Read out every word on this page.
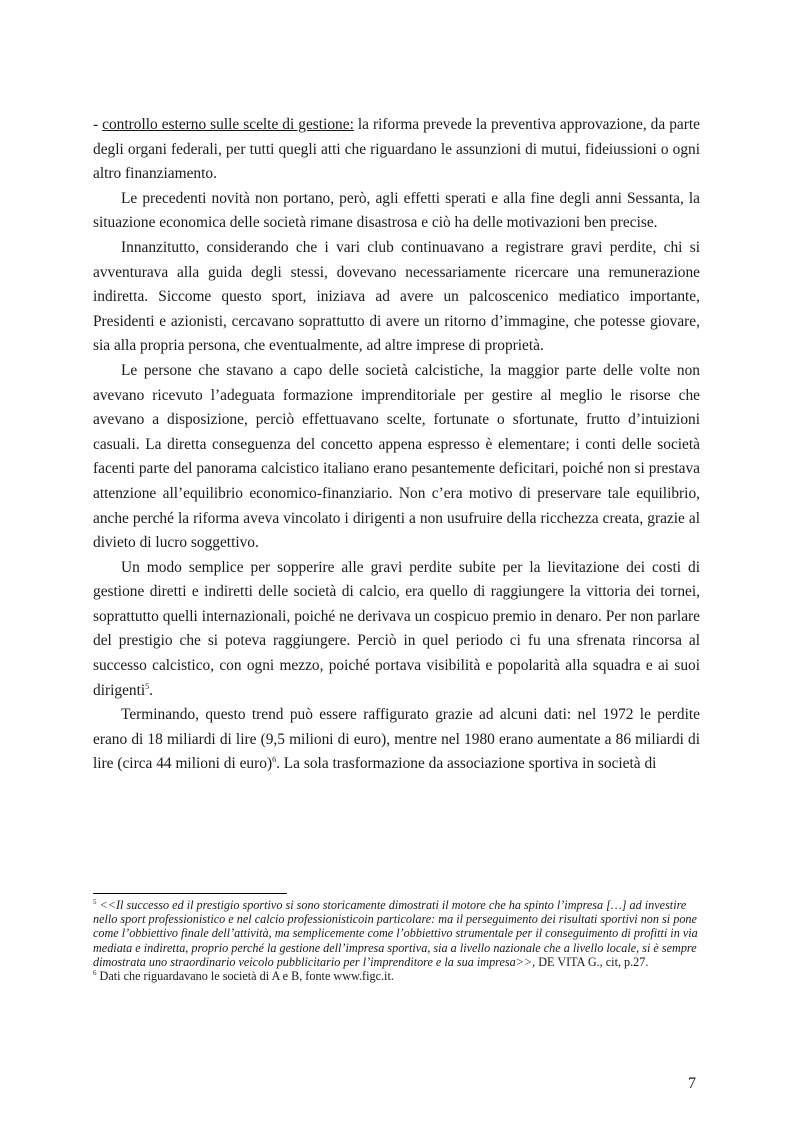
- controllo esterno sulle scelte di gestione: la riforma prevede la preventiva approvazione, da parte degli organi federali, per tutti quegli atti che riguardano le assunzioni di mutui, fideiussioni o ogni altro finanziamento.

Le precedenti novità non portano, però, agli effetti sperati e alla fine degli anni Sessanta, la situazione economica delle società rimane disastrosa e ciò ha delle motivazioni ben precise.

Innanzitutto, considerando che i vari club continuavano a registrare gravi perdite, chi si avventurava alla guida degli stessi, dovevano necessariamente ricercare una remunerazione indiretta. Siccome questo sport, iniziava ad avere un palcoscenico mediatico importante, Presidenti e azionisti, cercavano soprattutto di avere un ritorno d’immagine, che potesse giovare, sia alla propria persona, che eventualmente, ad altre imprese di proprietà.

Le persone che stavano a capo delle società calcistiche, la maggior parte delle volte non avevano ricevuto l’adeguata formazione imprenditoriale per gestire al meglio le risorse che avevano a disposizione, perciò effettuavano scelte, fortunate o sfortunate, frutto d’intuizioni casuali. La diretta conseguenza del concetto appena espresso è elementare; i conti delle società facenti parte del panorama calcistico italiano erano pesantemente deficitari, poiché non si prestava attenzione all’equilibrio economico-finanziario. Non c’era motivo di preservare tale equilibrio, anche perché la riforma aveva vincolato i dirigenti a non usufruire della ricchezza creata, grazie al divieto di lucro soggettivo.

Un modo semplice per sopperire alle gravi perdite subite per la lievitazione dei costi di gestione diretti e indiretti delle società di calcio, era quello di raggiungere la vittoria dei tornei, soprattutto quelli internazionali, poiché ne derivava un cospicuo premio in denaro. Per non parlare del prestigio che si poteva raggiungere. Perciò in quel periodo ci fu una sfrenata rincorsa al successo calcistico, con ogni mezzo, poiché portava visibilità e popolarità alla squadra e ai suoi dirigenti$^5$.

Terminando, questo trend può essere raffigurato grazie ad alcuni dati: nel 1972 le perdite erano di 18 miliardi di lire (9,5 milioni di euro), mentre nel 1980 erano aumentate a 86 miliardi di lire (circa 44 milioni di euro)$^6$. La sola trasformazione da associazione sportiva in società di

$^5$ <<Il successo ed il prestigio sportivo si sono storicamente dimostrati il motore che ha spinto l’impresa […] ad investire nello sport professionistico e nel calcio professionisticoin particolare: ma il perseguimento dei risultati sportivi non si pone come l’obbiettivo finale dell’attività, ma semplicemente come l’obbiettivo strumentale per il conseguimento di profitti in via mediata e indiretta, proprio perché la gestione dell’impresa sportiva, sia a livello nazionale che a livello locale, si è sempre dimostrata uno straordinario veicolo pubblicitario per l’imprenditore e la sua impresa>>, DE VITA G., cit, p.27.

$^6$ Dati che riguardavano le società di A e B, fonte www.figc.it.

7
